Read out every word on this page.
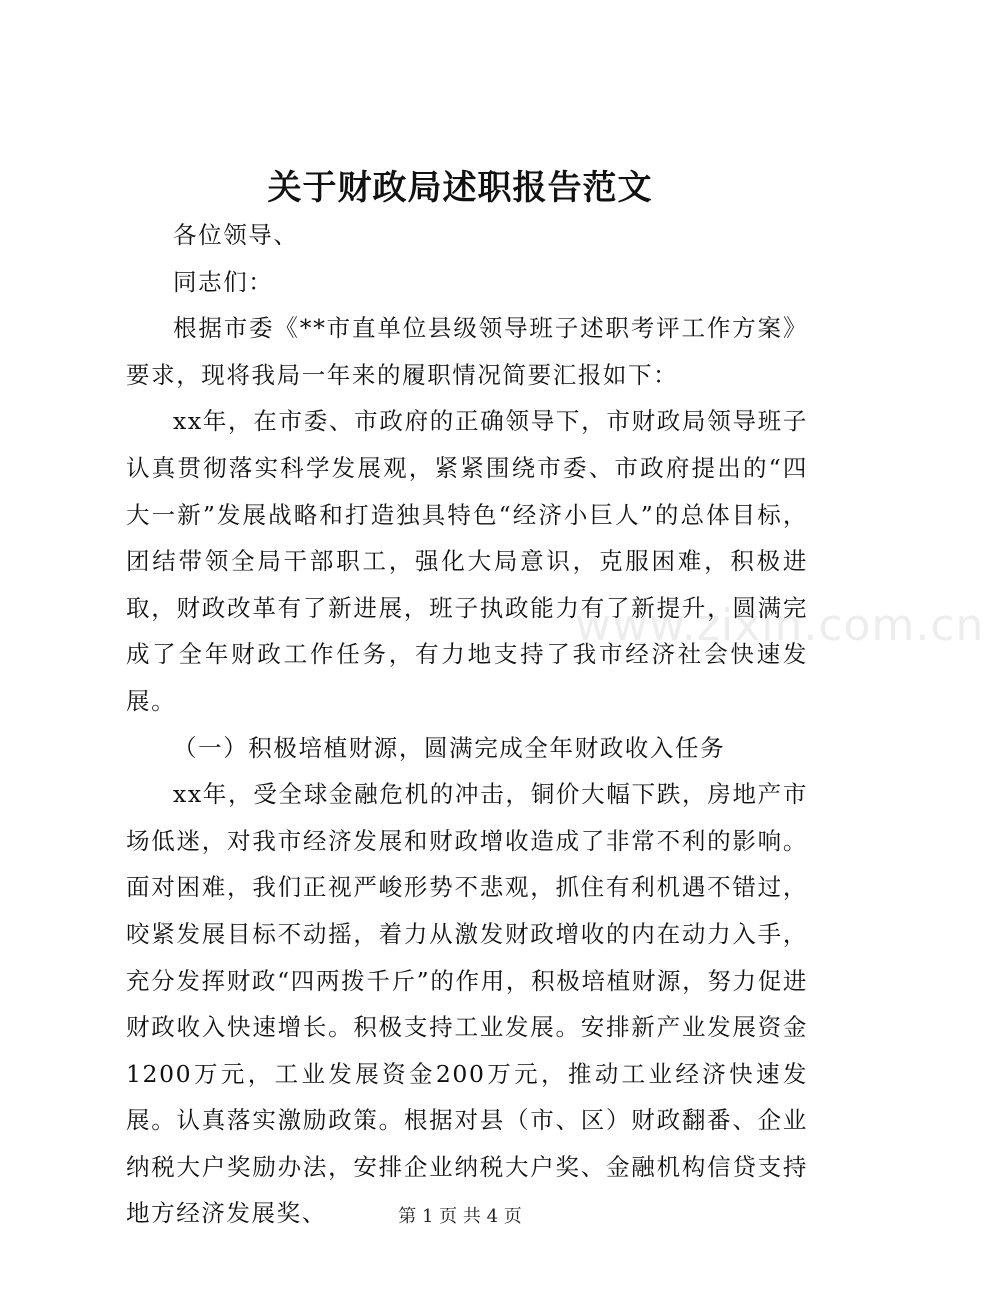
www.zixin.com.cn
关于财政局述职报告范文

各位领导、

同志们：

根据市委《**市直单位县级领导班子述职考评工作方案》要求，现将我局一年来的履职情况简要汇报如下：

xx年，在市委、市政府的正确领导下，市财政局领导班子认真贯彻落实科学发展观，紧紧围绕市委、市政府提出的“四大一新”发展战略和打造独具特色“经济小巨人”的总体目标，团结带领全局干部职工，强化大局意识，克服困难，积极进取，财政改革有了新进展，班子执政能力有了新提升，圆满完成了全年财政工作任务，有力地支持了我市经济社会快速发展。

（一）积极培植财源，圆满完成全年财政收入任务

xx年，受全球金融危机的冲击，铜价大幅下跌，房地产市场低迷，对我市经济发展和财政增收造成了非常不利的影响。面对困难，我们正视严峻形势不悲观，抓住有利机遇不错过，咬紧发展目标不动摇，着力从激发财政增收的内在动力入手，充分发挥财政“四两拨千斤”的作用，积极培植财源，努力促进财政收入快速增长。积极支持工业发展。安排新产业发展资金1200万元，工业发展资金200万元，推动工业经济快速发展。认真落实激励政策。根据对县（市、区）财政翻番、企业纳税大户奖励办法，安排企业纳税大户奖、金融机构信贷支持地方经济发展奖、	第 1 页 共 4 页
